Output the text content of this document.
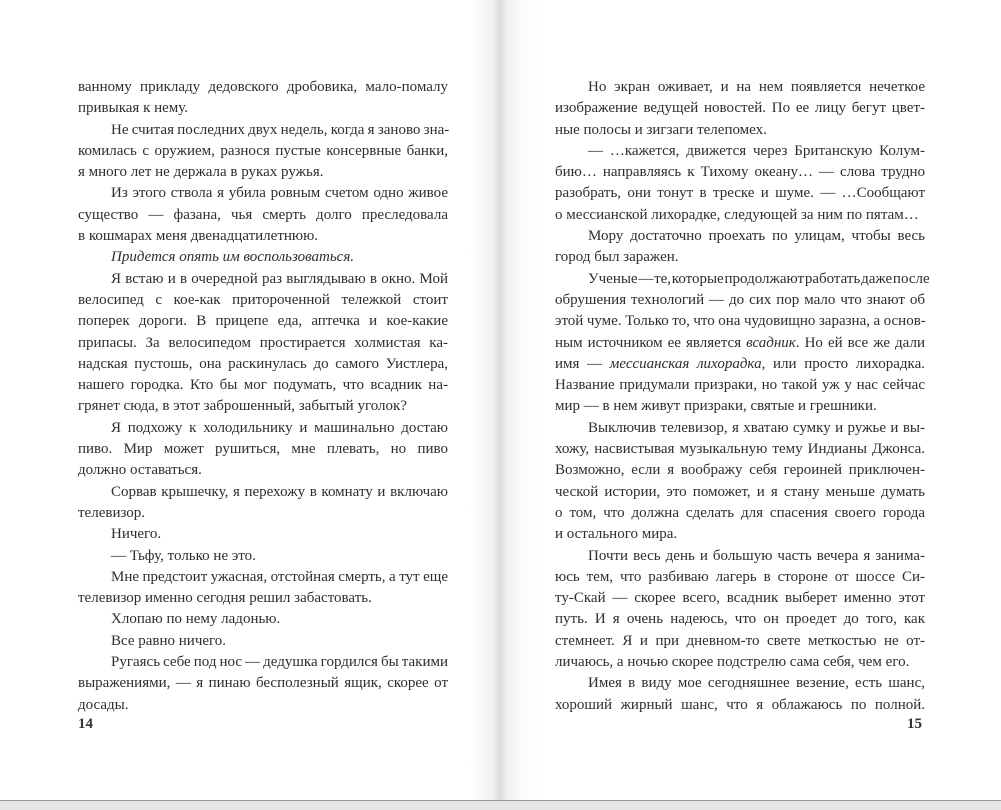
ванному прикладу дедовского дробовика, мало-помалу
привыкая к нему.
Не считая последних двух недель, когда я заново зна-
комилась с оружием, разнося пустые консервные банки,
я много лет не держала в руках ружья.
Из этого ствола я убила ровным счетом одно живое
существо — фазана, чья смерть долго преследовала
в кошмарах меня двенадцатилетнюю.
Придется опять им воспользоваться.
Я встаю и в очередной раз выглядываю в окно. Мой
велосипед с кое-как притороченной тележкой стоит
поперек дороги. В прицепе еда, аптечка и кое-какие
припасы. За велосипедом простирается холмистая ка-
надская пустошь, она раскинулась до самого Уистлера,
нашего городка. Кто бы мог подумать, что всадник на-
грянет сюда, в этот заброшенный, забытый уголок?
Я подхожу к холодильнику и машинально достаю
пиво. Мир может рушиться, мне плевать, но пиво
должно оставаться.
Сорвав крышечку, я перехожу в комнату и включаю
телевизор.
Ничего.
— Тьфу, только не это.
Мне предстоит ужасная, отстойная смерть, а тут еще
телевизор именно сегодня решил забастовать.
Хлопаю по нему ладонью.
Все равно ничего.
Ругаясь себе под нос — дедушка гордился бы такими
выражениями, — я пинаю бесполезный ящик, скорее от
досады.
14
Но экран оживает, и на нем появляется нечеткое
изображение ведущей новостей. По ее лицу бегут цвет-
ные полосы и зигзаги телепомех.
— …кажется, движется через Британскую Колум-
бию… направляясь к Тихому океану… — слова трудно
разобрать, они тонут в треске и шуме. — …Сообщают
о мессианской лихорадке, следующей за ним по пятам…
Мору достаточно проехать по улицам, чтобы весь
город был заражен.
Ученые — те, которые продолжают работать даже после
обрушения технологий — до сих пор мало что знают об
этой чуме. Только то, что она чудовищно заразна, а основ-
ным источником ее является всадник. Но ей все же дали
имя — мессианская лихорадка, или просто лихорадка.
Название придумали призраки, но такой уж у нас сейчас
мир — в нем живут призраки, святые и грешники.
Выключив телевизор, я хватаю сумку и ружье и вы-
хожу, насвистывая музыкальную тему Индианы Джонса.
Возможно, если я воображу себя героиней приключен-
ческой истории, это поможет, и я стану меньше думать
о том, что должна сделать для спасения своего города
и остального мира.
Почти весь день и большую часть вечера я занима-
юсь тем, что разбиваю лагерь в стороне от шоссе Си-
ту-Скай — скорее всего, всадник выберет именно этот
путь. И я очень надеюсь, что он проедет до того, как
стемнеет. Я и при дневном-то свете меткостью не от-
личаюсь, а ночью скорее подстрелю сама себя, чем его.
Имея в виду мое сегодняшнее везение, есть шанс,
хороший жирный шанс, что я облажаюсь по полной.
15
